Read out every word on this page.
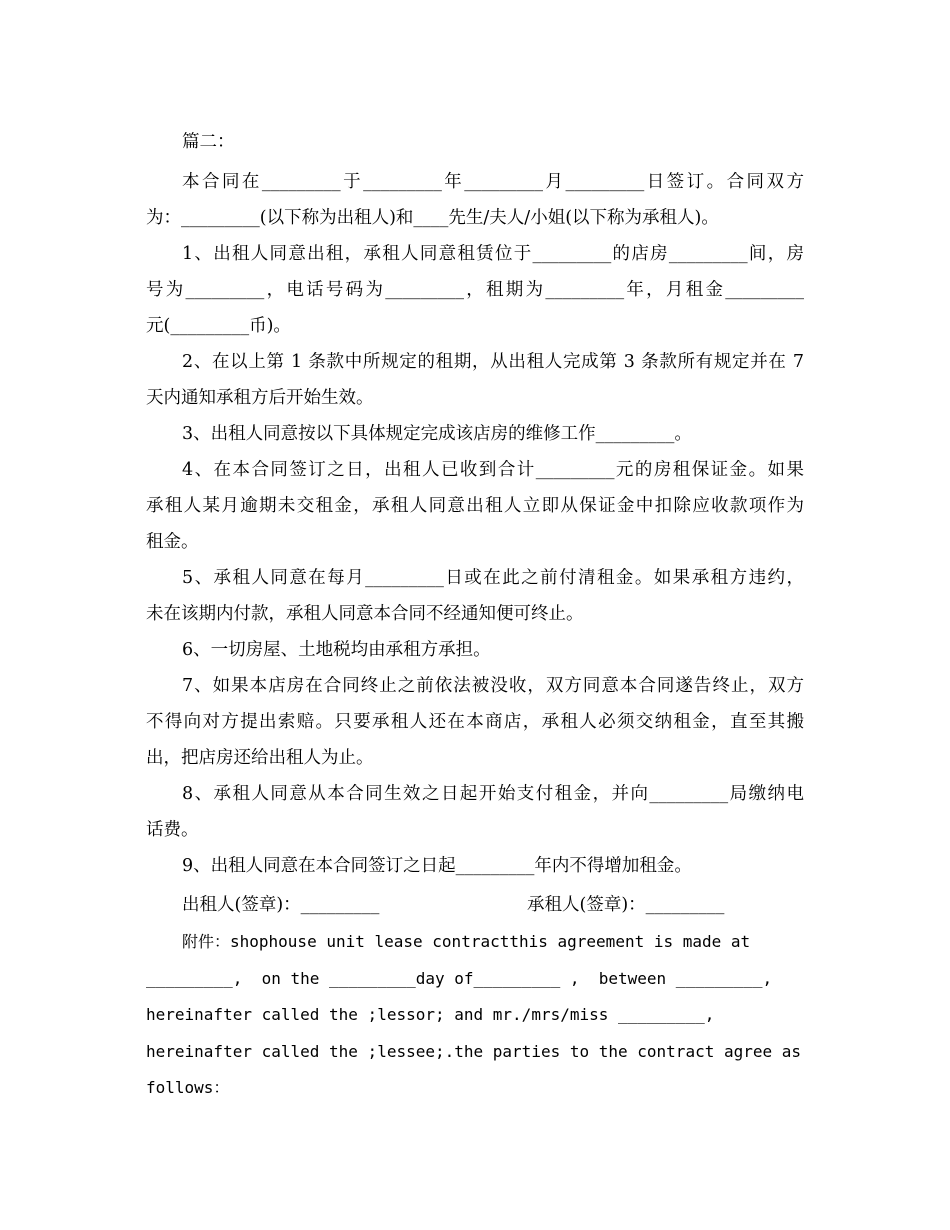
篇二：
本合同在_________于_________年_________月_________日签订。合同双方
为：_________(以下称为出租人)和____先生/夫人/小姐(以下称为承租人)。
1、出租人同意出租，承租人同意租赁位于_________的店房_________间，房
号为_________，电话号码为_________，租期为_________年，月租金_________
元(_________币)。
2、在以上第 1 条款中所规定的租期，从出租人完成第 3 条款所有规定并在 7
天内通知承租方后开始生效。
3、出租人同意按以下具体规定完成该店房的维修工作_________。
4、在本合同签订之日，出租人已收到合计_________元的房租保证金。如果
承租人某月逾期未交租金，承租人同意出租人立即从保证金中扣除应收款项作为
租金。
5、承租人同意在每月_________日或在此之前付清租金。如果承租方违约，
未在该期内付款，承租人同意本合同不经通知便可终止。
6、一切房屋、土地税均由承租方承担。
7、如果本店房在合同终止之前依法被没收，双方同意本合同遂告终止，双方
不得向对方提出索赔。只要承租人还在本商店，承租人必须交纳租金，直至其搬
出，把店房还给出租人为止。
8、承租人同意从本合同生效之日起开始支付租金，并向_________局缴纳电
话费。
9、出租人同意在本合同签订之日起_________年内不得增加租金。
出租人(签章)：_________	承租人(签章)：_________
附件：shophouse unit lease contractthis agreement is made at
_________,  on the _________day of_________ ,  between _________,
hereinafter called the ;lessor; and mr./mrs/miss _________,
hereinafter called the ;lessee;.the parties to the contract agree as
follows：
